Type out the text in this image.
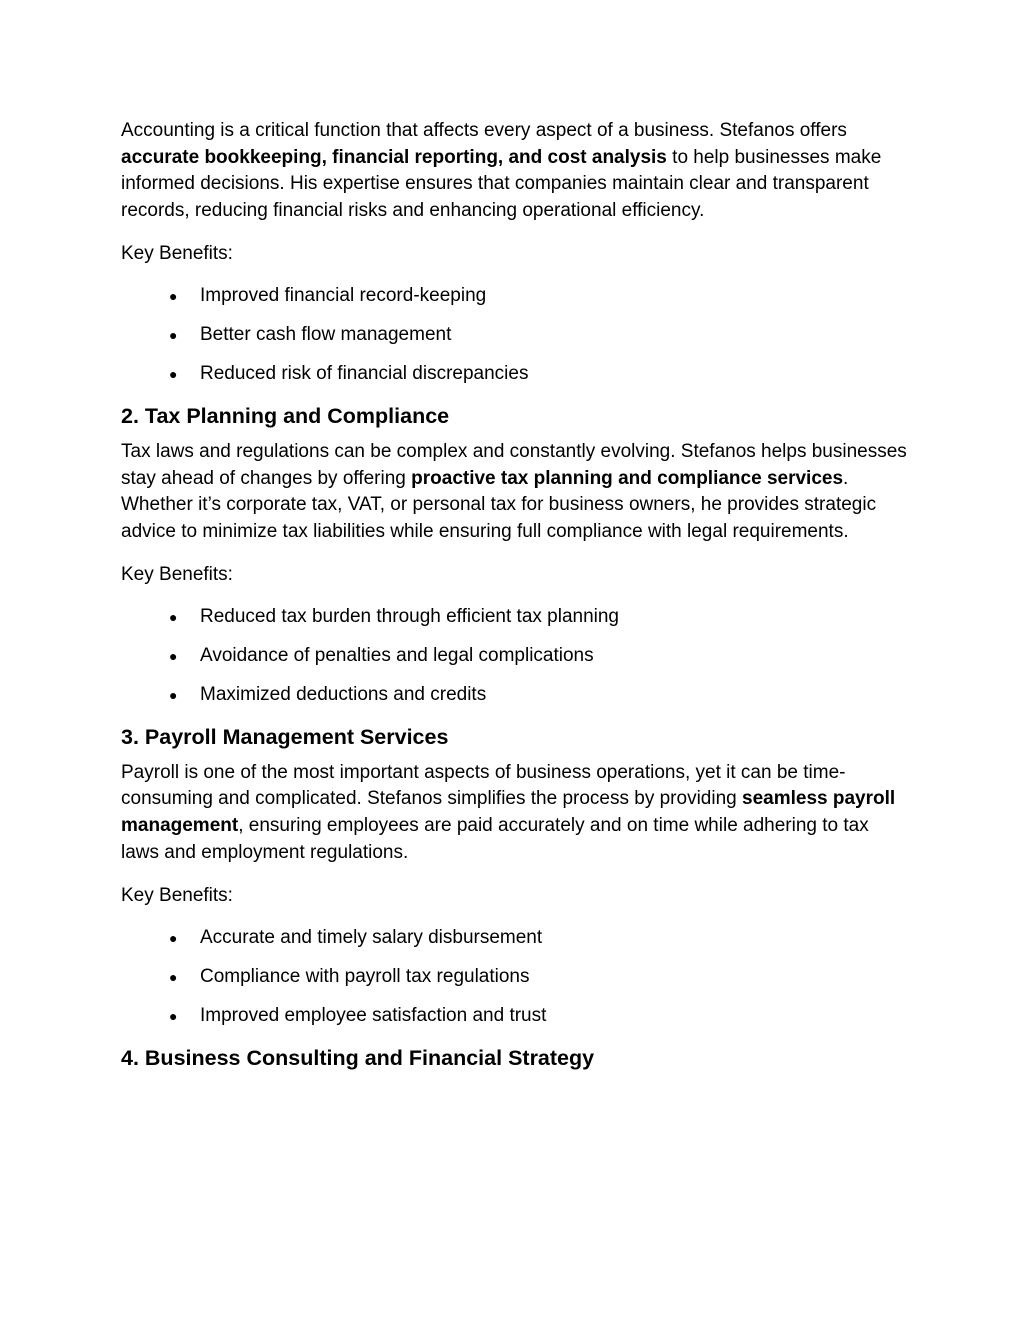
Accounting is a critical function that affects every aspect of a business. Stefanos offers accurate bookkeeping, financial reporting, and cost analysis to help businesses make informed decisions. His expertise ensures that companies maintain clear and transparent records, reducing financial risks and enhancing operational efficiency.

Key Benefits:

● Improved financial record-keeping
● Better cash flow management
● Reduced risk of financial discrepancies
2. Tax Planning and Compliance

Tax laws and regulations can be complex and constantly evolving. Stefanos helps businesses stay ahead of changes by offering proactive tax planning and compliance services. Whether it’s corporate tax, VAT, or personal tax for business owners, he provides strategic advice to minimize tax liabilities while ensuring full compliance with legal requirements.

Key Benefits:

● Reduced tax burden through efficient tax planning
● Avoidance of penalties and legal complications
● Maximized deductions and credits
3. Payroll Management Services

Payroll is one of the most important aspects of business operations, yet it can be time-consuming and complicated. Stefanos simplifies the process by providing seamless payroll management, ensuring employees are paid accurately and on time while adhering to tax laws and employment regulations.

Key Benefits:

● Accurate and timely salary disbursement
● Compliance with payroll tax regulations
● Improved employee satisfaction and trust
4. Business Consulting and Financial Strategy
